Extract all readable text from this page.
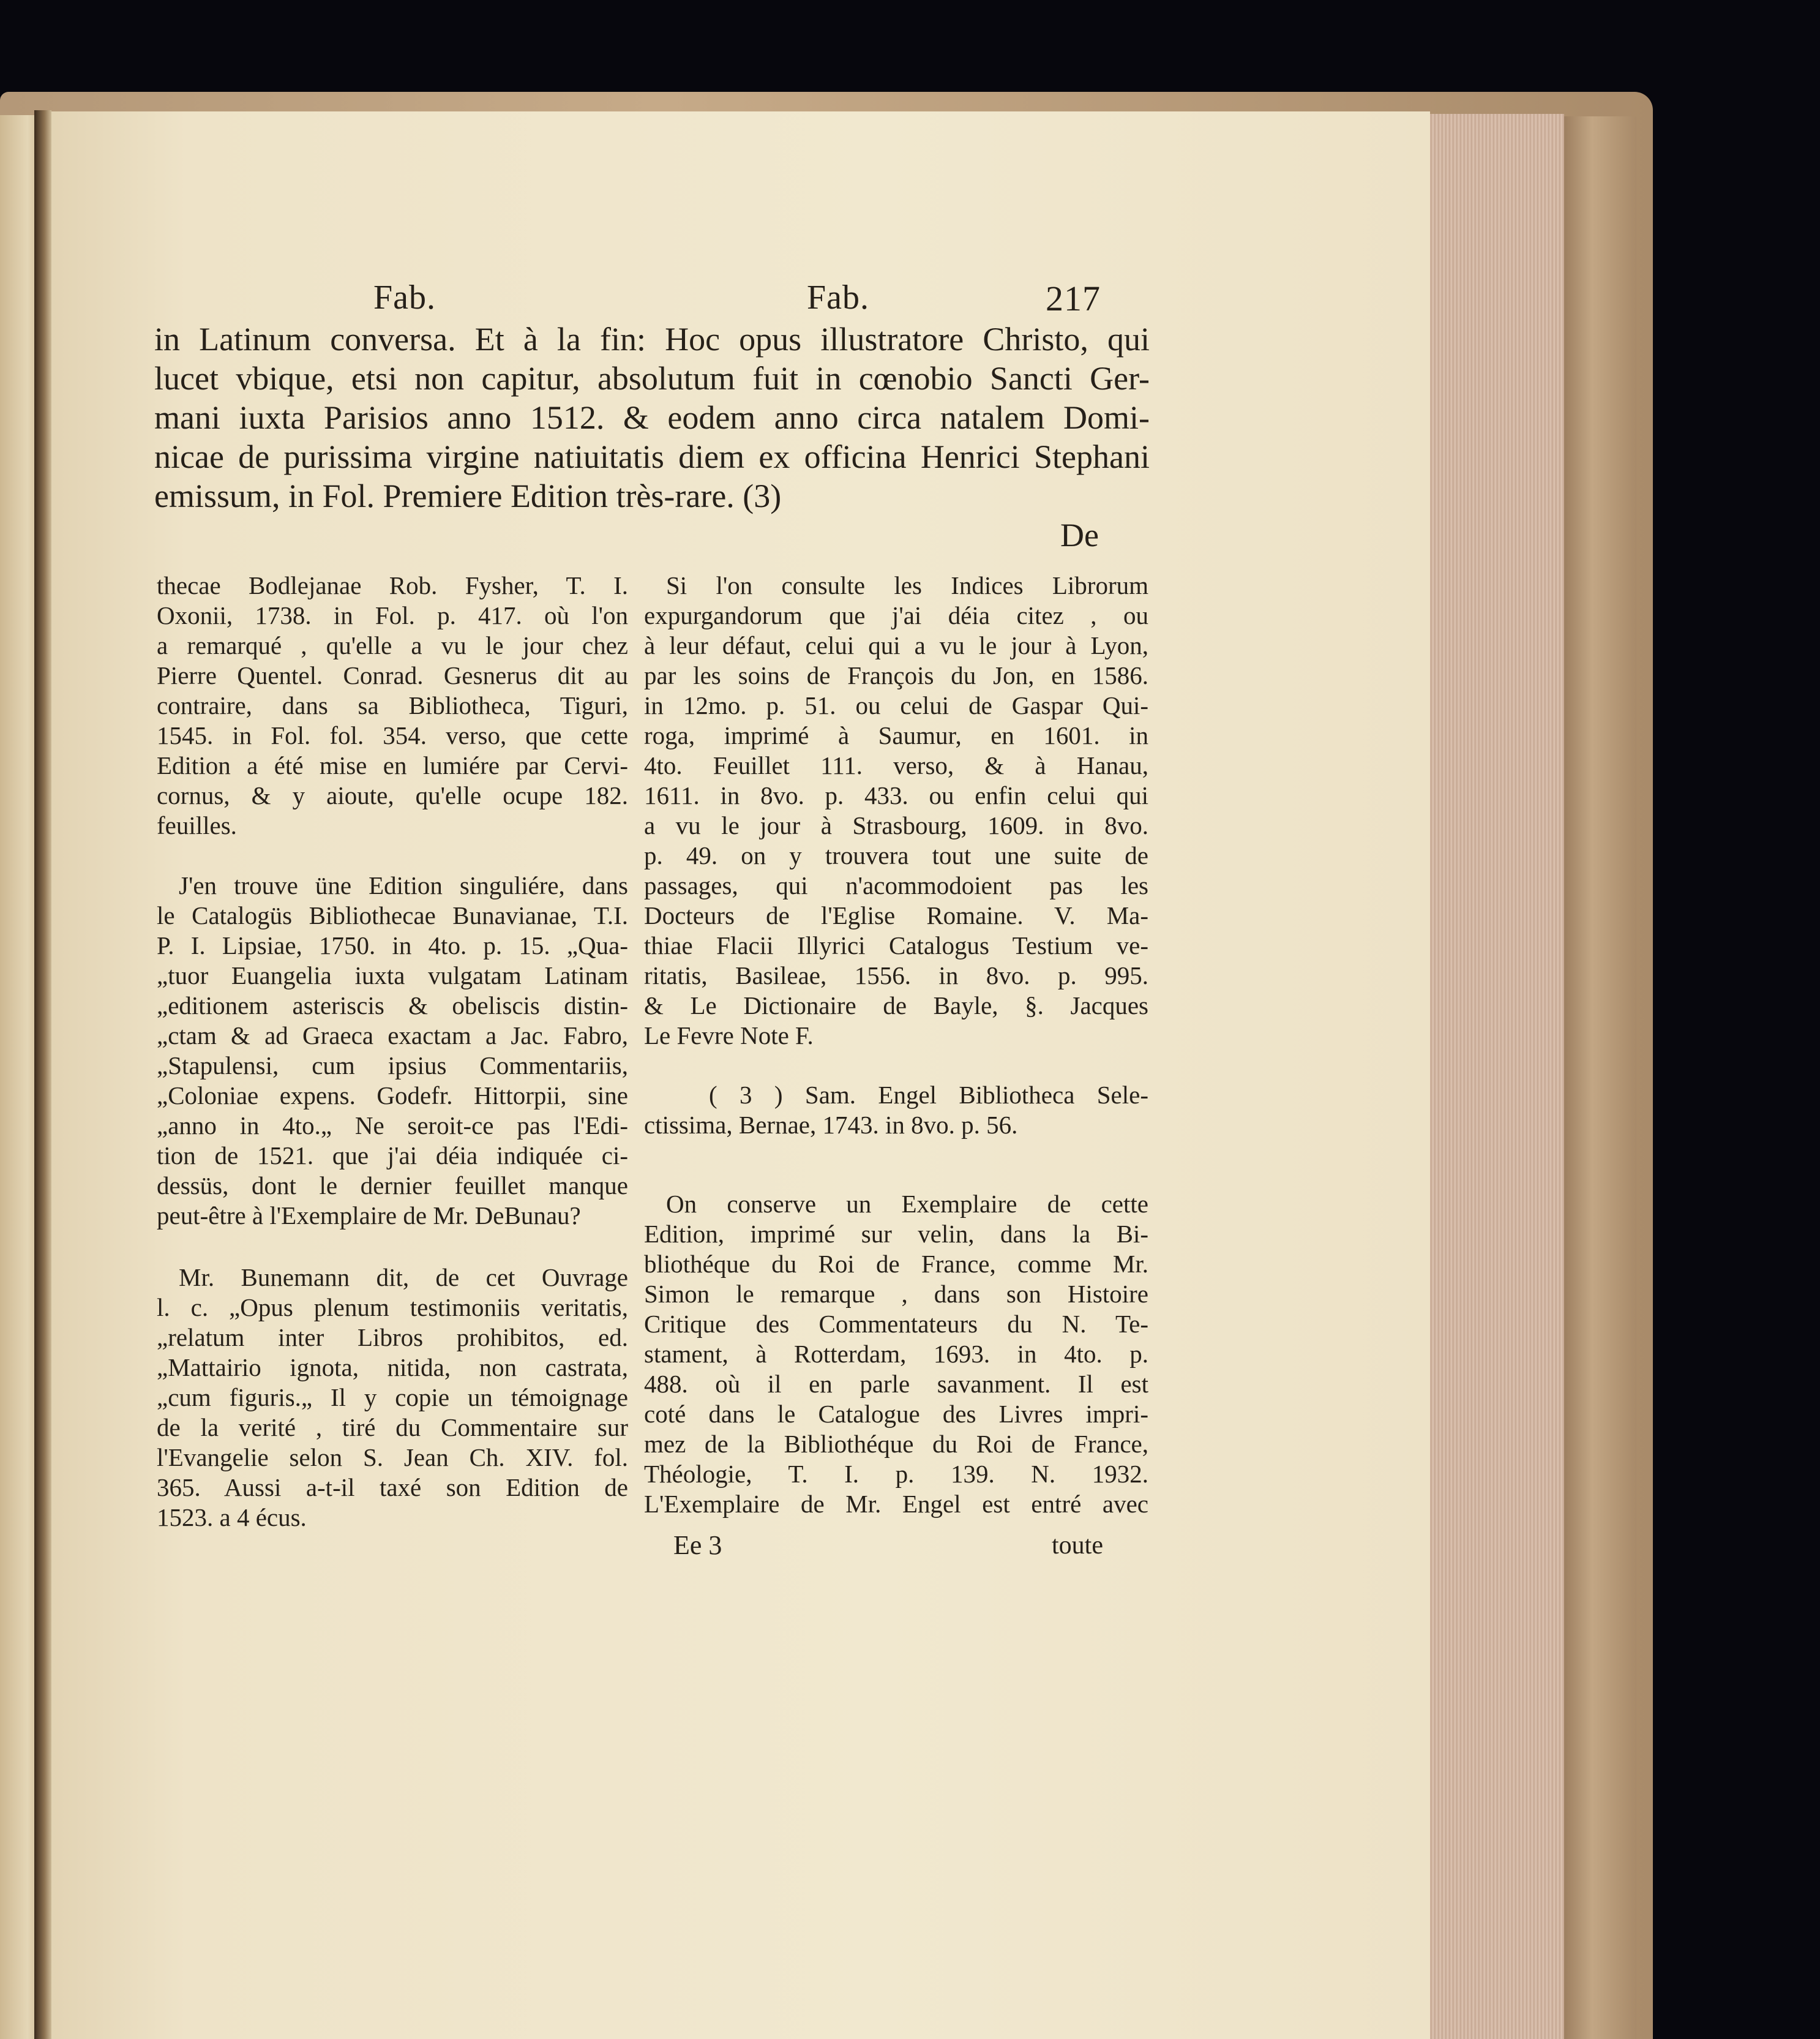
Fab.	Fab.	217
in Latinum conversa. Et à la fin: Hoc opus illustratore Christo, qui
lucet vbique, etsi non capitur, absolutum fuit in cœnobio Sancti Ger-
mani iuxta Parisios anno 1512. & eodem anno circa natalem Domi-
nicae de purissima virgine natiuitatis diem ex officina Henrici Stephani
emissum, in Fol. Premiere Edition très-rare. (3)
De
thecae Bodlejanae Rob. Fysher, T. I.
Oxonii, 1738. in Fol. p. 417. où l'on
a remarqué , qu'elle a vu le jour chez
Pierre Quentel. Conrad. Gesnerus dit au
contraire, dans sa Bibliotheca, Tiguri,
1545. in Fol. fol. 354. verso, que cette
Edition a été mise en lumiére par Cervi-
cornus, & y aioute, qu'elle ocupe 182.
feuilles.
J'en trouve üne Edition singuliére, dans
le Catalogüs Bibliothecae Bunavianae, T.I.
P. I. Lipsiae, 1750. in 4to. p. 15. „Qua-
„tuor Euangelia iuxta vulgatam Latinam
„editionem asteriscis & obeliscis distin-
„ctam & ad Graeca exactam a Jac. Fabro,
„Stapulensi, cum ipsius Commentariis,
„Coloniae expens. Godefr. Hittorpii, sine
„anno in 4to.„ Ne seroit-ce pas l'Edi-
tion de 1521. que j'ai déia indiquée ci-
dessüs, dont le dernier feuillet manque
peut-être à l'Exemplaire de Mr. DeBunau?
Mr. Bunemann dit, de cet Ouvrage
l. c. „Opus plenum testimoniis veritatis,
„relatum inter Libros prohibitos, ed.
„Mattairio ignota, nitida, non castrata,
„cum figuris.„ Il y copie un témoignage
de la verité , tiré du Commentaire sur
l'Evangelie selon S. Jean Ch. XIV. fol.
365. Aussi a-t-il taxé son Edition de
1523. a 4 écus.
Si l'on consulte les Indices Librorum
expurgandorum que j'ai déia citez , ou
à leur défaut, celui qui a vu le jour à Lyon,
par les soins de François du Jon, en 1586.
in 12mo. p. 51. ou celui de Gaspar Qui-
roga, imprimé à Saumur, en 1601. in
4to. Feuillet 111. verso, & à Hanau,
1611. in 8vo. p. 433. ou enfin celui qui
a vu le jour à Strasbourg, 1609. in 8vo.
p. 49. on y trouvera tout une suite de
passages, qui n'acommodoient pas les
Docteurs de l'Eglise Romaine. V. Ma-
thiae Flacii Illyrici Catalogus Testium ve-
ritatis, Basileae, 1556. in 8vo. p. 995.
& Le Dictionaire de Bayle, §. Jacques
Le Fevre Note F.
( 3 ) Sam. Engel Bibliotheca Sele-
ctissima, Bernae, 1743. in 8vo. p. 56.
On conserve un Exemplaire de cette
Edition, imprimé sur velin, dans la Bi-
bliothéque du Roi de France, comme Mr.
Simon le remarque , dans son Histoire
Critique des Commentateurs du N. Te-
stament, à Rotterdam, 1693. in 4to. p.
488. où il en parle savanment. Il est
coté dans le Catalogue des Livres impri-
mez de la Bibliothéque du Roi de France,
Théologie, T. I. p. 139. N. 1932.
L'Exemplaire de Mr. Engel est entré avec
Ee 3	toute
